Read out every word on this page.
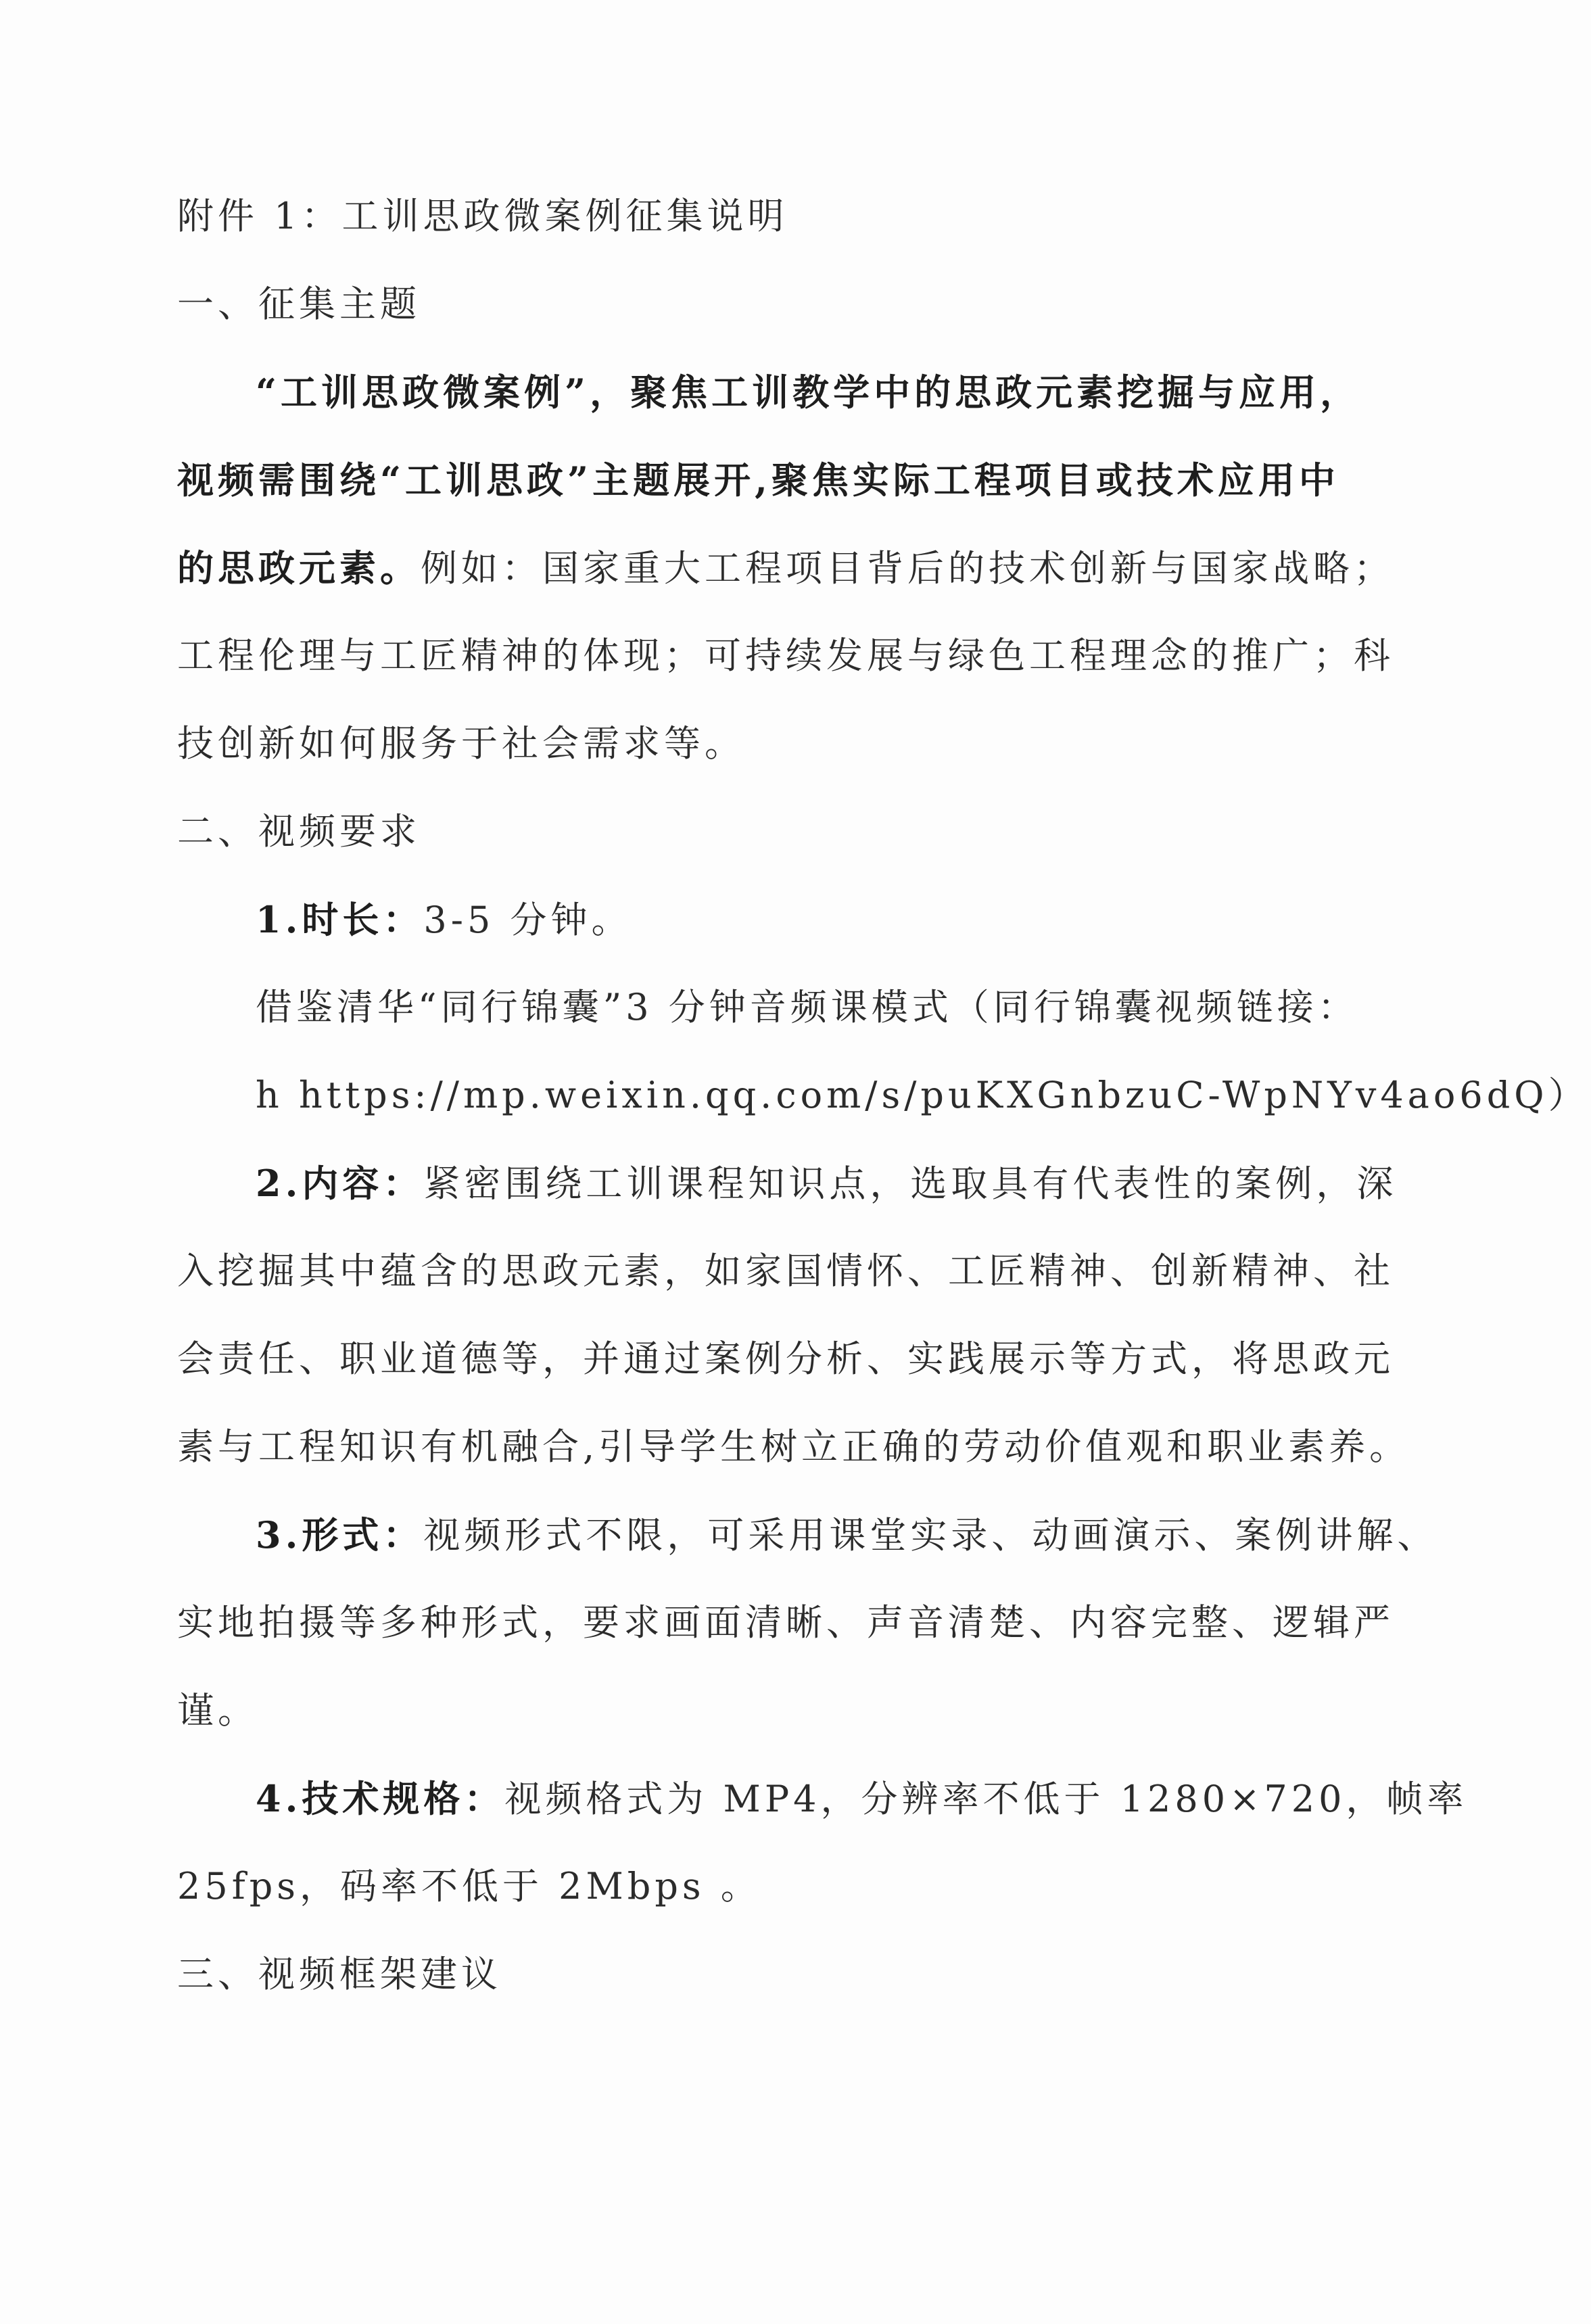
附件 1：工训思政微案例征集说明
一、征集主题
“工训思政微案例”，聚焦工训教学中的思政元素挖掘与应用，
视频需围绕“工训思政”主题展开,聚焦实际工程项目或技术应用中
的思政元素。例如：国家重大工程项目背后的技术创新与国家战略；
工程伦理与工匠精神的体现；可持续发展与绿色工程理念的推广；科
技创新如何服务于社会需求等。
二、视频要求
1.时长：3-5 分钟。
借鉴清华“同行锦囊”3 分钟音频课模式（同行锦囊视频链接：
h https://mp.weixin.qq.com/s/puKXGnbzuC-WpNYv4ao6dQ）
2.内容：紧密围绕工训课程知识点，选取具有代表性的案例，深
入挖掘其中蕴含的思政元素，如家国情怀、工匠精神、创新精神、社
会责任、职业道德等，并通过案例分析、实践展示等方式，将思政元
素与工程知识有机融合,引导学生树立正确的劳动价值观和职业素养。
3.形式：视频形式不限，可采用课堂实录、动画演示、案例讲解、
实地拍摄等多种形式，要求画面清晰、声音清楚、内容完整、逻辑严
谨。
4.技术规格：视频格式为 MP4，分辨率不低于 1280×720，帧率
25fps，码率不低于 2Mbps 。
三、视频框架建议
